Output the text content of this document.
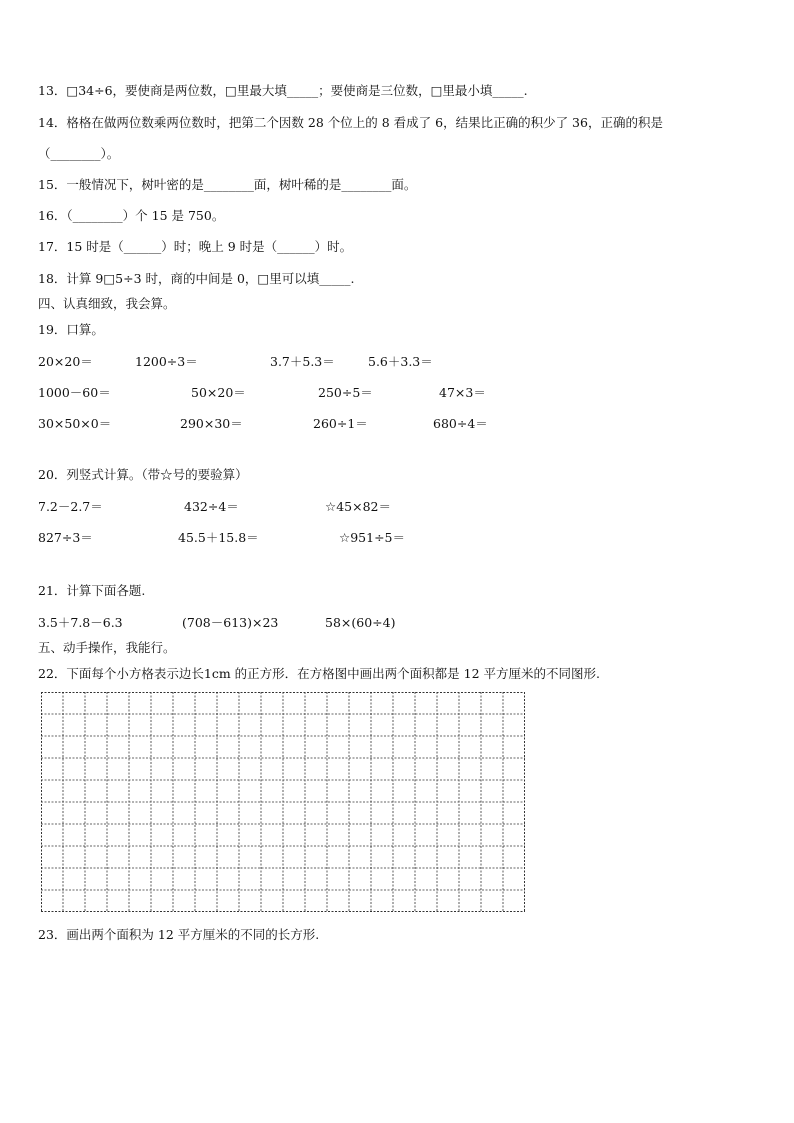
13．□34÷6，要使商是两位数，□里最大填_____；要使商是三位数，□里最小填_____.
14．格格在做两位数乘两位数时，把第二个因数 28 个位上的 8 看成了 6，结果比正确的积少了 36，正确的积是
（________）。
15．一般情况下，树叶密的是________面，树叶稀的是________面。
16．（________）个 15 是 750。
17．15 时是（______）时；晚上 9 时是（______）时。
18．计算 9□5÷3 时，商的中间是 0，□里可以填_____.
四、认真细致，我会算。
19．口算。
20×20＝	1200÷3＝	3.7＋5.3＝	5.6＋3.3＝
1000－60＝	50×20＝	250÷5＝	47×3＝
30×50×0＝	290×30＝	260÷1＝	680÷4＝
20．列竖式计算。（带☆号的要验算）
7.2－2.7＝	432÷4＝	☆45×82＝
827÷3＝	45.5＋15.8＝	☆951÷5＝
21．计算下面各题.
3.5＋7.8－6.3	(708－613)×23	58×(60÷4)
五、动手操作，我能行。
22．下面每个小方格表示边长1cm 的正方形．在方格图中画出两个面积都是 12 平方厘米的不同图形.
23．画出两个面积为 12 平方厘米的不同的长方形.
